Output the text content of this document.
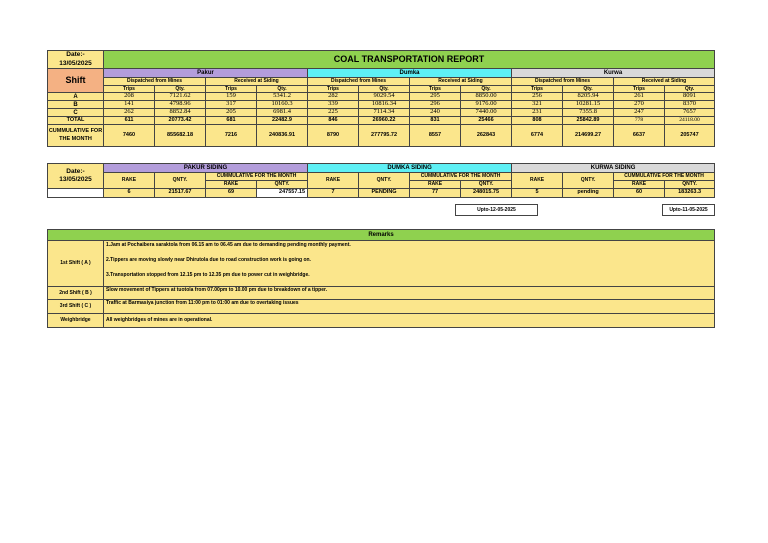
Date:-
13/05/2025	COAL TRANSPORTATION REPORT											
Shift	Pakur				Dumka				Kurwa			
	Dispatched from Mines		Received at Siding		Dispatched from Mines		Received at Siding		Dispatched from Mines		Received at Siding	
	Trips	Qty.	Trips	Qty.	Trips	Qty.	Trips	Qty.	Trips	Qty.	Trips	Qty.
A	208	7121.62	159	5341.2	282	9029.54	295	8850.00	256	8205.94	261	8091
B	141	4798.96	317	10160.3	339	10816.34	296	9176.00	321	10281.15	270	8370
C	262	8852.84	205	6981.4	225	7114.34	240	7440.00	231	7355.8	247	7657
TOTAL	611	20773.42	681	22482.9	846	26960.22	831	25466	808	25842.89	778	24118.00
CUMMULATIVE FOR THE MONTH	7460	855682.18	7216	240836.91	8790	277795.72	8557	262843	6774	214699.27	6637	205747
Date:-
13/05/2025	PAKUR SIDING				DUMKA SIDING				KURWA SIDING			
	RAKE	QNTY.	CUMMULATIVE FOR THE MONTH		RAKE	QNTY.	CUMMULATIVE FOR THE MONTH		RAKE	QNTY.	CUMMULATIVE FOR THE MONTH	
			RAKE	QNTY.			RAKE	QNTY.			RAKE	QNTY.
	6	21517.67	69	247557.15	7	PENDING	77	248015.75	5	pending	60	183263.3
Upto-12-05-2025	Upto-11-05-2025
Remarks	
1st Shift ( A )	1.Jam at Pochaibera saraktola from 06.15 am to 06.45 am due to demanding pending monthly payment.
2.Tippers are moving slowly near Dhirutola due to road construction work is going on.
3.Transportation stopped from 12.15 pm to 12.35 pm due to power cut in weighbridge.

2nd Shift ( B )	Slow movement of Tippers at tuotola from 07.00pm to 10.00 pm due to breakdown of a tipper.
3rd Shift ( C )	Traffic at Barmasiya junction from 11:00 pm to 01:00 am due to overtaking issues
Weighbridge	All weighbridges of mines are in operational.
